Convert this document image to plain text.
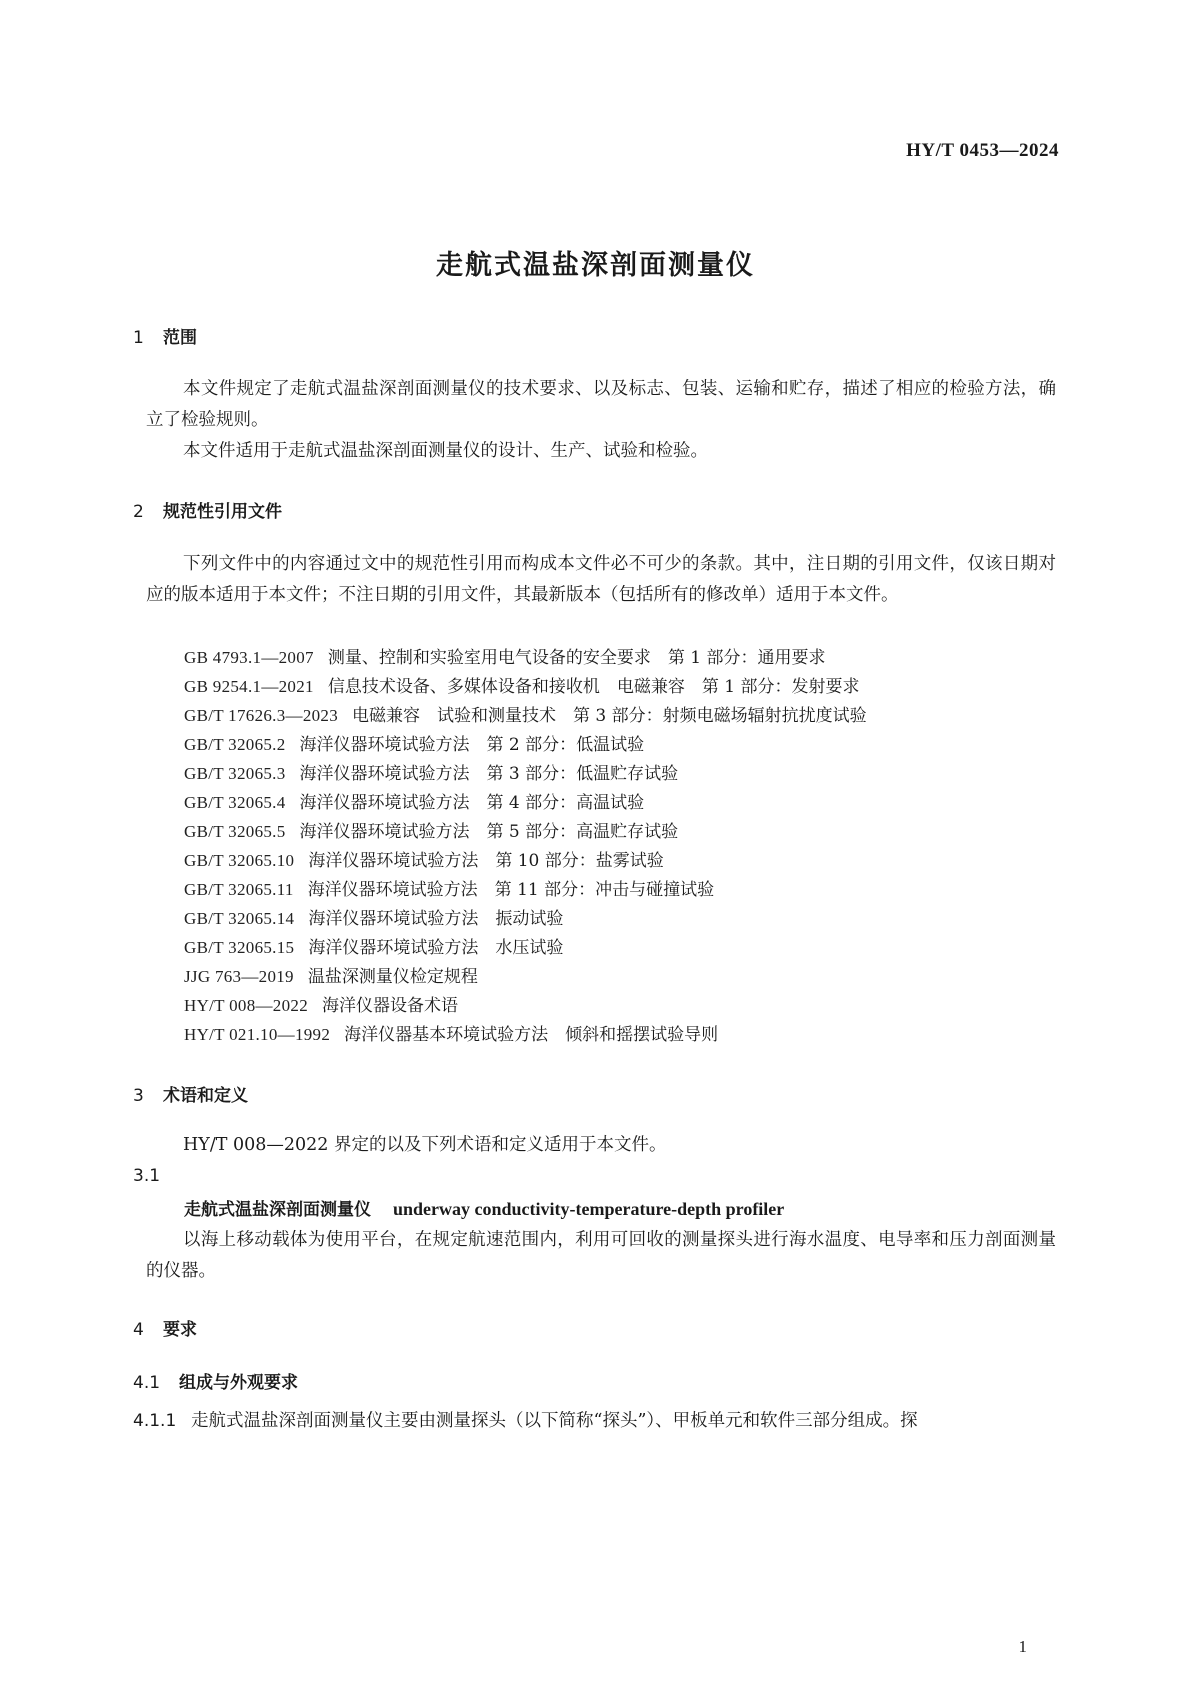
HY/T 0453—2024
走航式温盐深剖面测量仪
1 范围
本文件规定了走航式温盐深剖面测量仪的技术要求、以及标志、包装、运输和贮存，描述了相应的检验方法，确立了检验规则。
本文件适用于走航式温盐深剖面测量仪的设计、生产、试验和检验。
2 规范性引用文件
下列文件中的内容通过文中的规范性引用而构成本文件必不可少的条款。其中，注日期的引用文件，仅该日期对应的版本适用于本文件；不注日期的引用文件，其最新版本（包括所有的修改单）适用于本文件。
GB 4793.1—2007 测量、控制和实验室用电气设备的安全要求　第 1 部分：通用要求
GB 9254.1—2021 信息技术设备、多媒体设备和接收机　电磁兼容　第 1 部分：发射要求
GB/T 17626.3—2023 电磁兼容　试验和测量技术　第 3 部分：射频电磁场辐射抗扰度试验
GB/T 32065.2 海洋仪器环境试验方法　第 2 部分：低温试验
GB/T 32065.3 海洋仪器环境试验方法　第 3 部分：低温贮存试验
GB/T 32065.4 海洋仪器环境试验方法　第 4 部分：高温试验
GB/T 32065.5 海洋仪器环境试验方法　第 5 部分：高温贮存试验
GB/T 32065.10 海洋仪器环境试验方法　第 10 部分：盐雾试验
GB/T 32065.11 海洋仪器环境试验方法　第 11 部分：冲击与碰撞试验
GB/T 32065.14 海洋仪器环境试验方法　振动试验
GB/T 32065.15 海洋仪器环境试验方法　水压试验
JJG 763—2019 温盐深测量仪检定规程
HY/T 008—2022 海洋仪器设备术语
HY/T 021.10—1992 海洋仪器基本环境试验方法　倾斜和摇摆试验导则
3 术语和定义
HY/T 008—2022 界定的以及下列术语和定义适用于本文件。
3.1
走航式温盐深剖面测量仪 underway conductivity-temperature-depth profiler
以海上移动载体为使用平台，在规定航速范围内，利用可回收的测量探头进行海水温度、电导率和压力剖面测量的仪器。
4 要求
4.1 组成与外观要求
4.1.1 走航式温盐深剖面测量仪主要由测量探头（以下简称“探头”）、甲板单元和软件三部分组成。探
1
